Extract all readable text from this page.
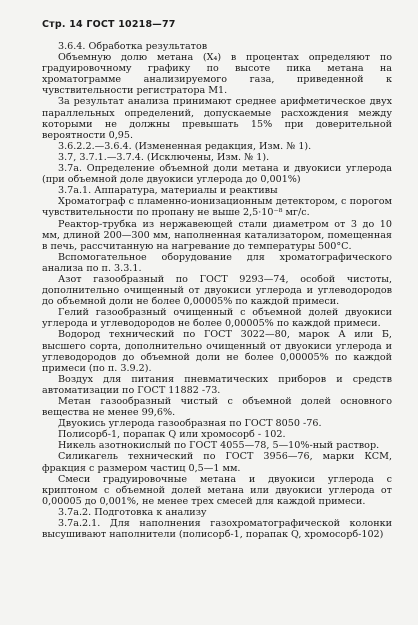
Стр. 14 ГОСТ 10218—77

3.6.4. Обработка результатов

Объемную долю метана (X₄) в процентах определяют по градуировочному графику по высоте пика метана на хроматограмме анализируемого газа, приведенной к чувствительности регистратора М1.

За результат анализа принимают среднее арифметическое двух параллельных определений, допускаемые расхождения между которыми не должны превышать 15% при доверительной вероятности 0,95.

3.6.2.2.—3.6.4. (Измененная редакция, Изм. № 1).

3.7, 3.7.1.—3.7.4. (Исключены, Изм. № 1).

3.7а. Определение объемной доли метана и двуокиси углерода (при объемной доле двуокиси углерода до 0,001%)

3.7а.1. Аппаратура, материалы и реактивы

Хроматограф с пламенно-ионизационным детектором, с порогом чувствительности по пропану не выше 2,5·10⁻⁸ мг/с.

Реактор-трубка из нержавеющей стали диаметром от 3 до 10 мм, длиной 200—300 мм, наполненная катализатором, помещенная в печь, рассчитанную на нагревание до температуры 500°С.

Вспомогательное оборудование для хроматографического анализа по п. 3.3.1.

Азот газообразный по ГОСТ 9293—74, особой чистоты, дополнительно очищенный от двуокиси углерода и углеводородов до объемной доли не более 0,00005% по каждой примеси.

Гелий газообразный очищенный с объемной долей двуокиси углерода и углеводородов не более 0,00005% по каждой примеси.

Водород технический по ГОСТ 3022—80, марок А или Б, высшего сорта, дополнительно очищенный от двуокиси углерода и углеводородов до объемной доли не более 0,00005% по каждой примеси (по п. 3.9.2).

Воздух для питания пневматических приборов и средств автоматизации по ГОСТ 11882 -73.

Метан газообразный чистый с объемной долей основного вещества не менее 99,6%.

Двуокись углерода газообразная по ГОСТ 8050 -76.

Полисорб-1, порапак Q или хромосорб - 102.

Никель азотнокислый по ГОСТ 4055—78, 5—10%-ный раствор.

Силикагель технический по ГОСТ 3956—76, марки КСМ, фракция с размером частиц 0,5—1 мм.

Смеси градуировочные метана и двуокиси углерода с криптоном с объемной долей метана или двуокиси углерода от 0,00005 до 0,001%, не менее трех смесей для каждой примеси.

3.7а.2. Подготовка к анализу

3.7а.2.1. Для наполнения газохроматографической колонки высушивают наполнители (полисорб-1, порапак Q, хромосорб-102)
